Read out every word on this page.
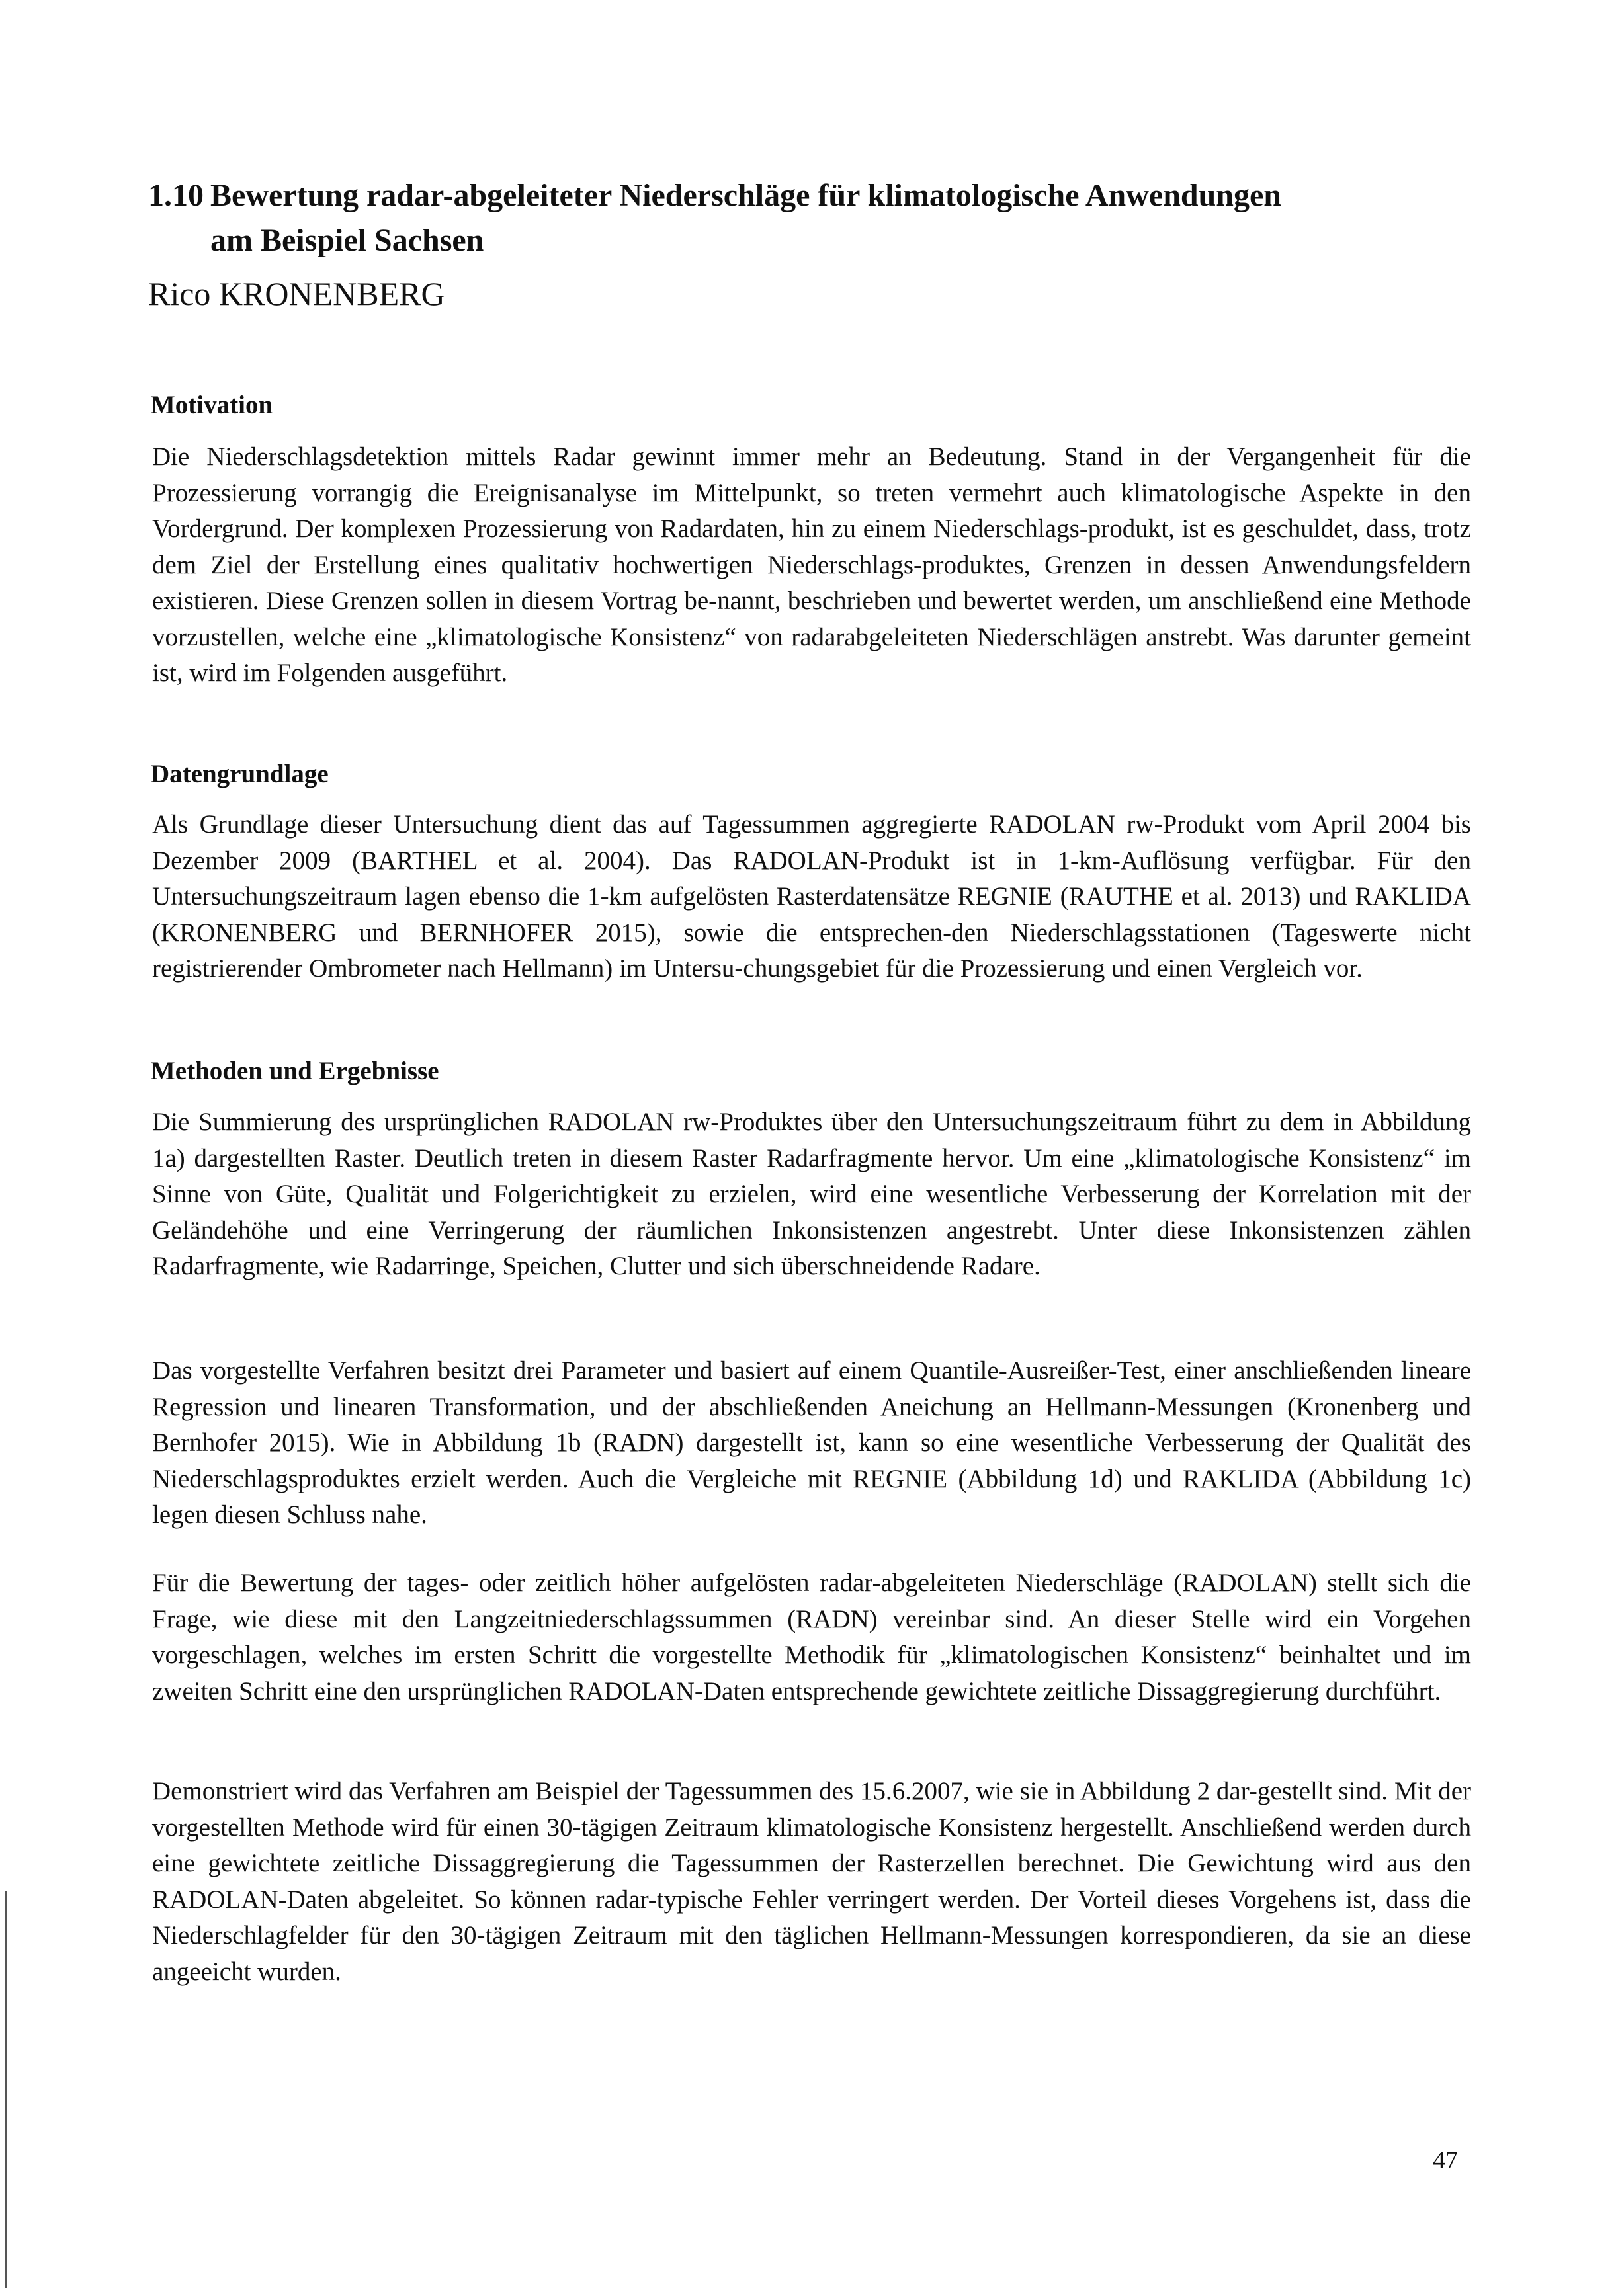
1.10 Bewertung radar-abgeleiteter Niederschläge für klimatologische Anwendungen
am Beispiel Sachsen

Rico KRONENBERG

Motivation

Die Niederschlagsdetektion mittels Radar gewinnt immer mehr an Bedeutung. Stand in der Vergangenheit für die Prozessierung vorrangig die Ereignisanalyse im Mittelpunkt, so treten vermehrt auch klimatologische Aspekte in den Vordergrund. Der komplexen Prozessierung von Radardaten, hin zu einem Niederschlags-produkt, ist es geschuldet, dass, trotz dem Ziel der Erstellung eines qualitativ hochwertigen Niederschlags-produktes, Grenzen in dessen Anwendungsfeldern existieren. Diese Grenzen sollen in diesem Vortrag be-nannt, beschrieben und bewertet werden, um anschließend eine Methode vorzustellen, welche eine „klimatologische Konsistenz“ von radarabgeleiteten Niederschlägen anstrebt. Was darunter gemeint ist, wird im Folgenden ausgeführt.

Datengrundlage

Als Grundlage dieser Untersuchung dient das auf Tagessummen aggregierte RADOLAN rw-Produkt vom April 2004 bis Dezember 2009 (BARTHEL et al. 2004). Das RADOLAN-Produkt ist in 1-km-Auflösung verfügbar. Für den Untersuchungszeitraum lagen ebenso die 1-km aufgelösten Rasterdatensätze REGNIE (RAUTHE et al. 2013) und RAKLIDA (KRONENBERG und BERNHOFER 2015), sowie die entsprechen-den Niederschlagsstationen (Tageswerte nicht registrierender Ombrometer nach Hellmann) im Untersu-chungsgebiet für die Prozessierung und einen Vergleich vor.

Methoden und Ergebnisse

Die Summierung des ursprünglichen RADOLAN rw-Produktes über den Untersuchungszeitraum führt zu dem in Abbildung 1a) dargestellten Raster. Deutlich treten in diesem Raster Radarfragmente hervor. Um eine „klimatologische Konsistenz“ im Sinne von Güte, Qualität und Folgerichtigkeit zu erzielen, wird eine wesentliche Verbesserung der Korrelation mit der Geländehöhe und eine Verringerung der räumlichen Inkonsistenzen angestrebt. Unter diese Inkonsistenzen zählen Radarfragmente, wie Radarringe, Speichen, Clutter und sich überschneidende Radare.

Das vorgestellte Verfahren besitzt drei Parameter und basiert auf einem Quantile-Ausreißer-Test, einer anschließenden lineare Regression und linearen Transformation, und der abschließenden Aneichung an Hellmann-Messungen (Kronenberg und Bernhofer 2015). Wie in Abbildung 1b (RADN) dargestellt ist, kann so eine wesentliche Verbesserung der Qualität des Niederschlagsproduktes erzielt werden. Auch die Vergleiche mit REGNIE (Abbildung 1d) und RAKLIDA (Abbildung 1c) legen diesen Schluss nahe.

Für die Bewertung der tages- oder zeitlich höher aufgelösten radar-abgeleiteten Niederschläge (RADOLAN) stellt sich die Frage, wie diese mit den Langzeitniederschlagssummen (RADN) vereinbar sind. An dieser Stelle wird ein Vorgehen vorgeschlagen, welches im ersten Schritt die vorgestellte Methodik für „klimatologischen Konsistenz“ beinhaltet und im zweiten Schritt eine den ursprünglichen RADOLAN-Daten entsprechende gewichtete zeitliche Dissaggregierung durchführt.

Demonstriert wird das Verfahren am Beispiel der Tagessummen des 15.6.2007, wie sie in Abbildung 2 dar-gestellt sind. Mit der vorgestellten Methode wird für einen 30-tägigen Zeitraum klimatologische Konsistenz hergestellt. Anschließend werden durch eine gewichtete zeitliche Dissaggregierung die Tagessummen der Rasterzellen berechnet. Die Gewichtung wird aus den RADOLAN-Daten abgeleitet. So können radar-typische Fehler verringert werden. Der Vorteil dieses Vorgehens ist, dass die Niederschlagfelder für den 30-tägigen Zeitraum mit den täglichen Hellmann-Messungen korrespondieren, da sie an diese angeeicht wurden.

47
